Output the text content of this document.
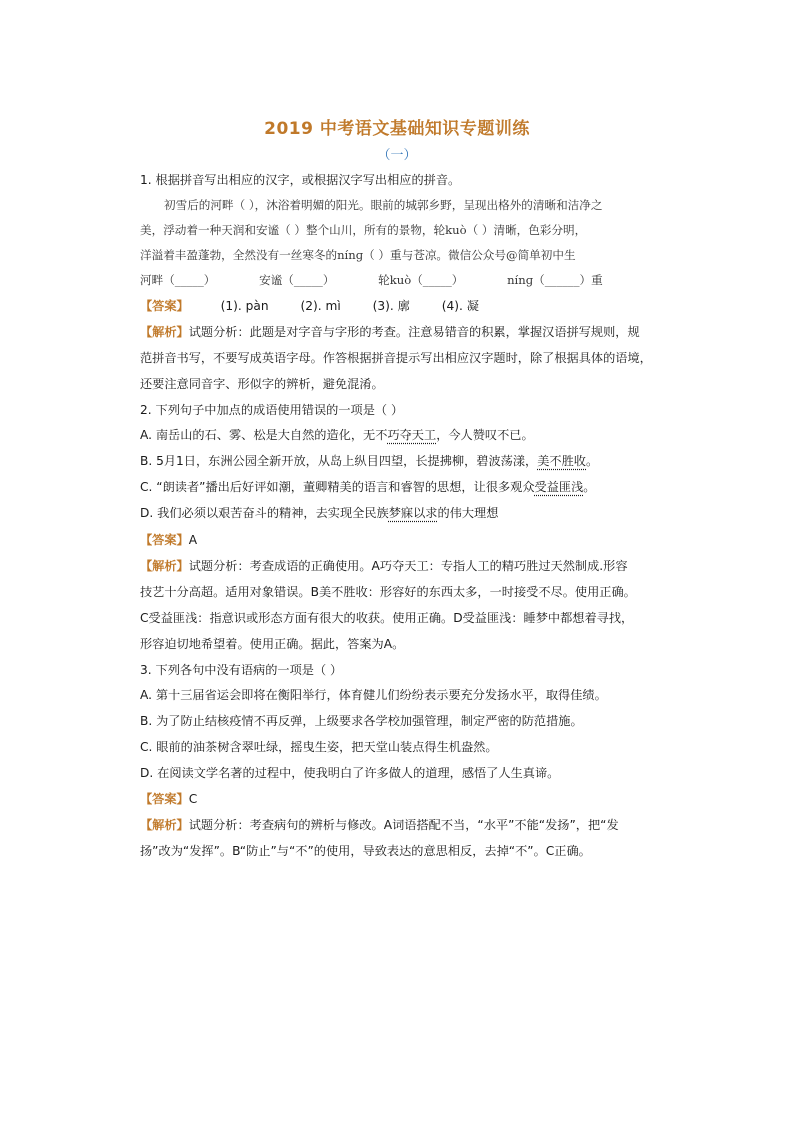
2019 中考语文基础知识专题训练
（一）
1. 根据拼音写出相应的汉字，或根据汉字写出相应的拼音。
初雪后的河畔（ ），沐浴着明媚的阳光。眼前的城郭乡野，呈现出格外的清晰和洁净之
美，浮动着一种天润和安谧（ ）整个山川，所有的景物，轮kuò（ ）清晰，色彩分明，
洋溢着丰盈蓬勃，全然没有一丝寒冬的nínɡ（ ）重与苍凉。微信公众号@简单初中生
河畔（_____）	安谧（_____）	轮kuò（_____）	nínɡ（______）重
【答案】	(1). pàn	(2). mì	(3). 廓	(4). 凝
【解析】试题分析：此题是对字音与字形的考查。注意易错音的积累，掌握汉语拼写规则，规
范拼音书写，不要写成英语字母。作答根据拼音提示写出相应汉字题时，除了根据具体的语境，
还要注意同音字、形似字的辨析，避免混淆。
2. 下列句子中加点的成语使用错误的一项是（ ）
A. 南岳山的石、雾、松是大自然的造化，无不巧夺天工，今人赞叹不已。
B. 5月1日，东洲公园全新开放，从岛上纵目四望，长提拂柳，碧波荡漾，美不胜收。
C. “朗读者”播出后好评如潮，董卿精美的语言和睿智的思想，让很多观众受益匪浅。
D. 我们必须以艰苦奋斗的精神，去实现全民族梦寐以求的伟大理想
【答案】A
【解析】试题分析：考查成语的正确使用。A巧夺天工：专指人工的精巧胜过天然制成.形容
技艺十分高超。适用对象错误。B美不胜收：形容好的东西太多，一时接受不尽。使用正确。
C受益匪浅：指意识或形态方面有很大的收获。使用正确。D受益匪浅：睡梦中都想着寻找，
形容迫切地希望着。使用正确。据此，答案为A。
3. 下列各句中没有语病的一项是（ ）
A. 第十三届省运会即将在衡阳举行，体育健儿们纷纷表示要充分发扬水平，取得佳绩。
B. 为了防止结核疫情不再反弹，上级要求各学校加强管理，制定严密的防范措施。
C. 眼前的油茶树含翠吐绿，摇曳生姿，把天堂山装点得生机盎然。
D. 在阅读文学名著的过程中，使我明白了许多做人的道理，感悟了人生真谛。
【答案】C
【解析】试题分析：考查病句的辨析与修改。A词语搭配不当，“水平”不能“发扬”，把“发
扬”改为“发挥”。B“防止”与“不”的使用，导致表达的意思相反，去掉“不”。C正确。
